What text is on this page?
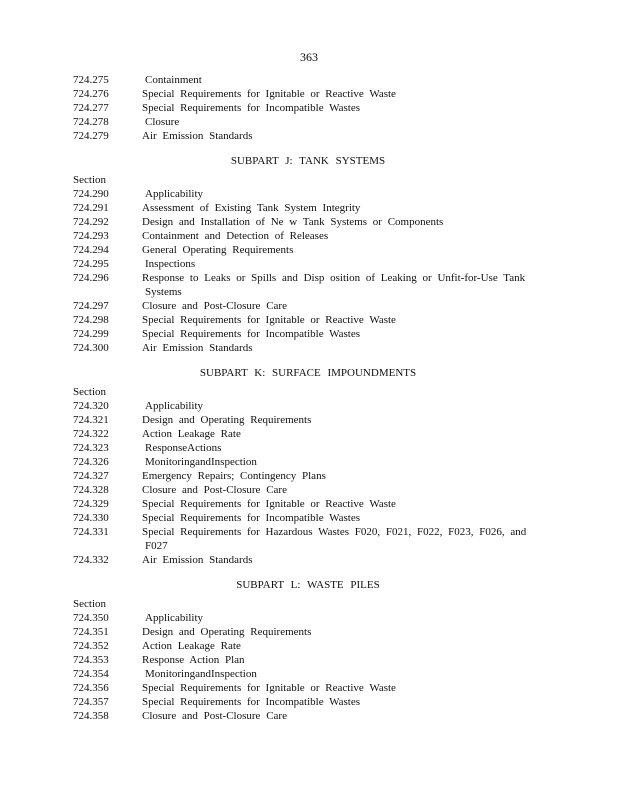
363
724.275	Containment
724.276	Special Requirements for Ignitable or Reactive Waste
724.277	Special Requirements for Incompatible Wastes
724.278	Closure
724.279	Air Emission Standards
SUBPART J: TANK SYSTEMS
Section
724.290	Applicability
724.291	Assessment of Existing Tank System Integrity
724.292	Design and Installation of Ne w Tank Systems or Components
724.293	Containment and Detection of Releases
724.294	General Operating Requirements
724.295	Inspections
724.296	Response to Leaks or Spills and Disp osition of Leaking or Unfit-for-Use Tank
Systems
724.297	Closure and Post-Closure Care
724.298	Special Requirements for Ignitable or Reactive Waste
724.299	Special Requirements for Incompatible Wastes
724.300	Air Emission Standards
SUBPART K: SURFACE IMPOUNDMENTS
Section
724.320	Applicability
724.321	Design and Operating Requirements
724.322	Action Leakage Rate
724.323	ResponseActions
724.326	MonitoringandInspection
724.327	Emergency Repairs; Contingency Plans
724.328	Closure and Post-Closure Care
724.329	Special Requirements for Ignitable or Reactive Waste
724.330	Special Requirements for Incompatible Wastes
724.331	Special Requirements for Hazardous Wastes F020, F021, F022, F023, F026, and
F027
724.332	Air Emission Standards
SUBPART L: WASTE PILES
Section
724.350	Applicability
724.351	Design and Operating Requirements
724.352	Action Leakage Rate
724.353	Response Action Plan
724.354	MonitoringandInspection
724.356	Special Requirements for Ignitable or Reactive Waste
724.357	Special Requirements for Incompatible Wastes
724.358	Closure and Post-Closure Care
